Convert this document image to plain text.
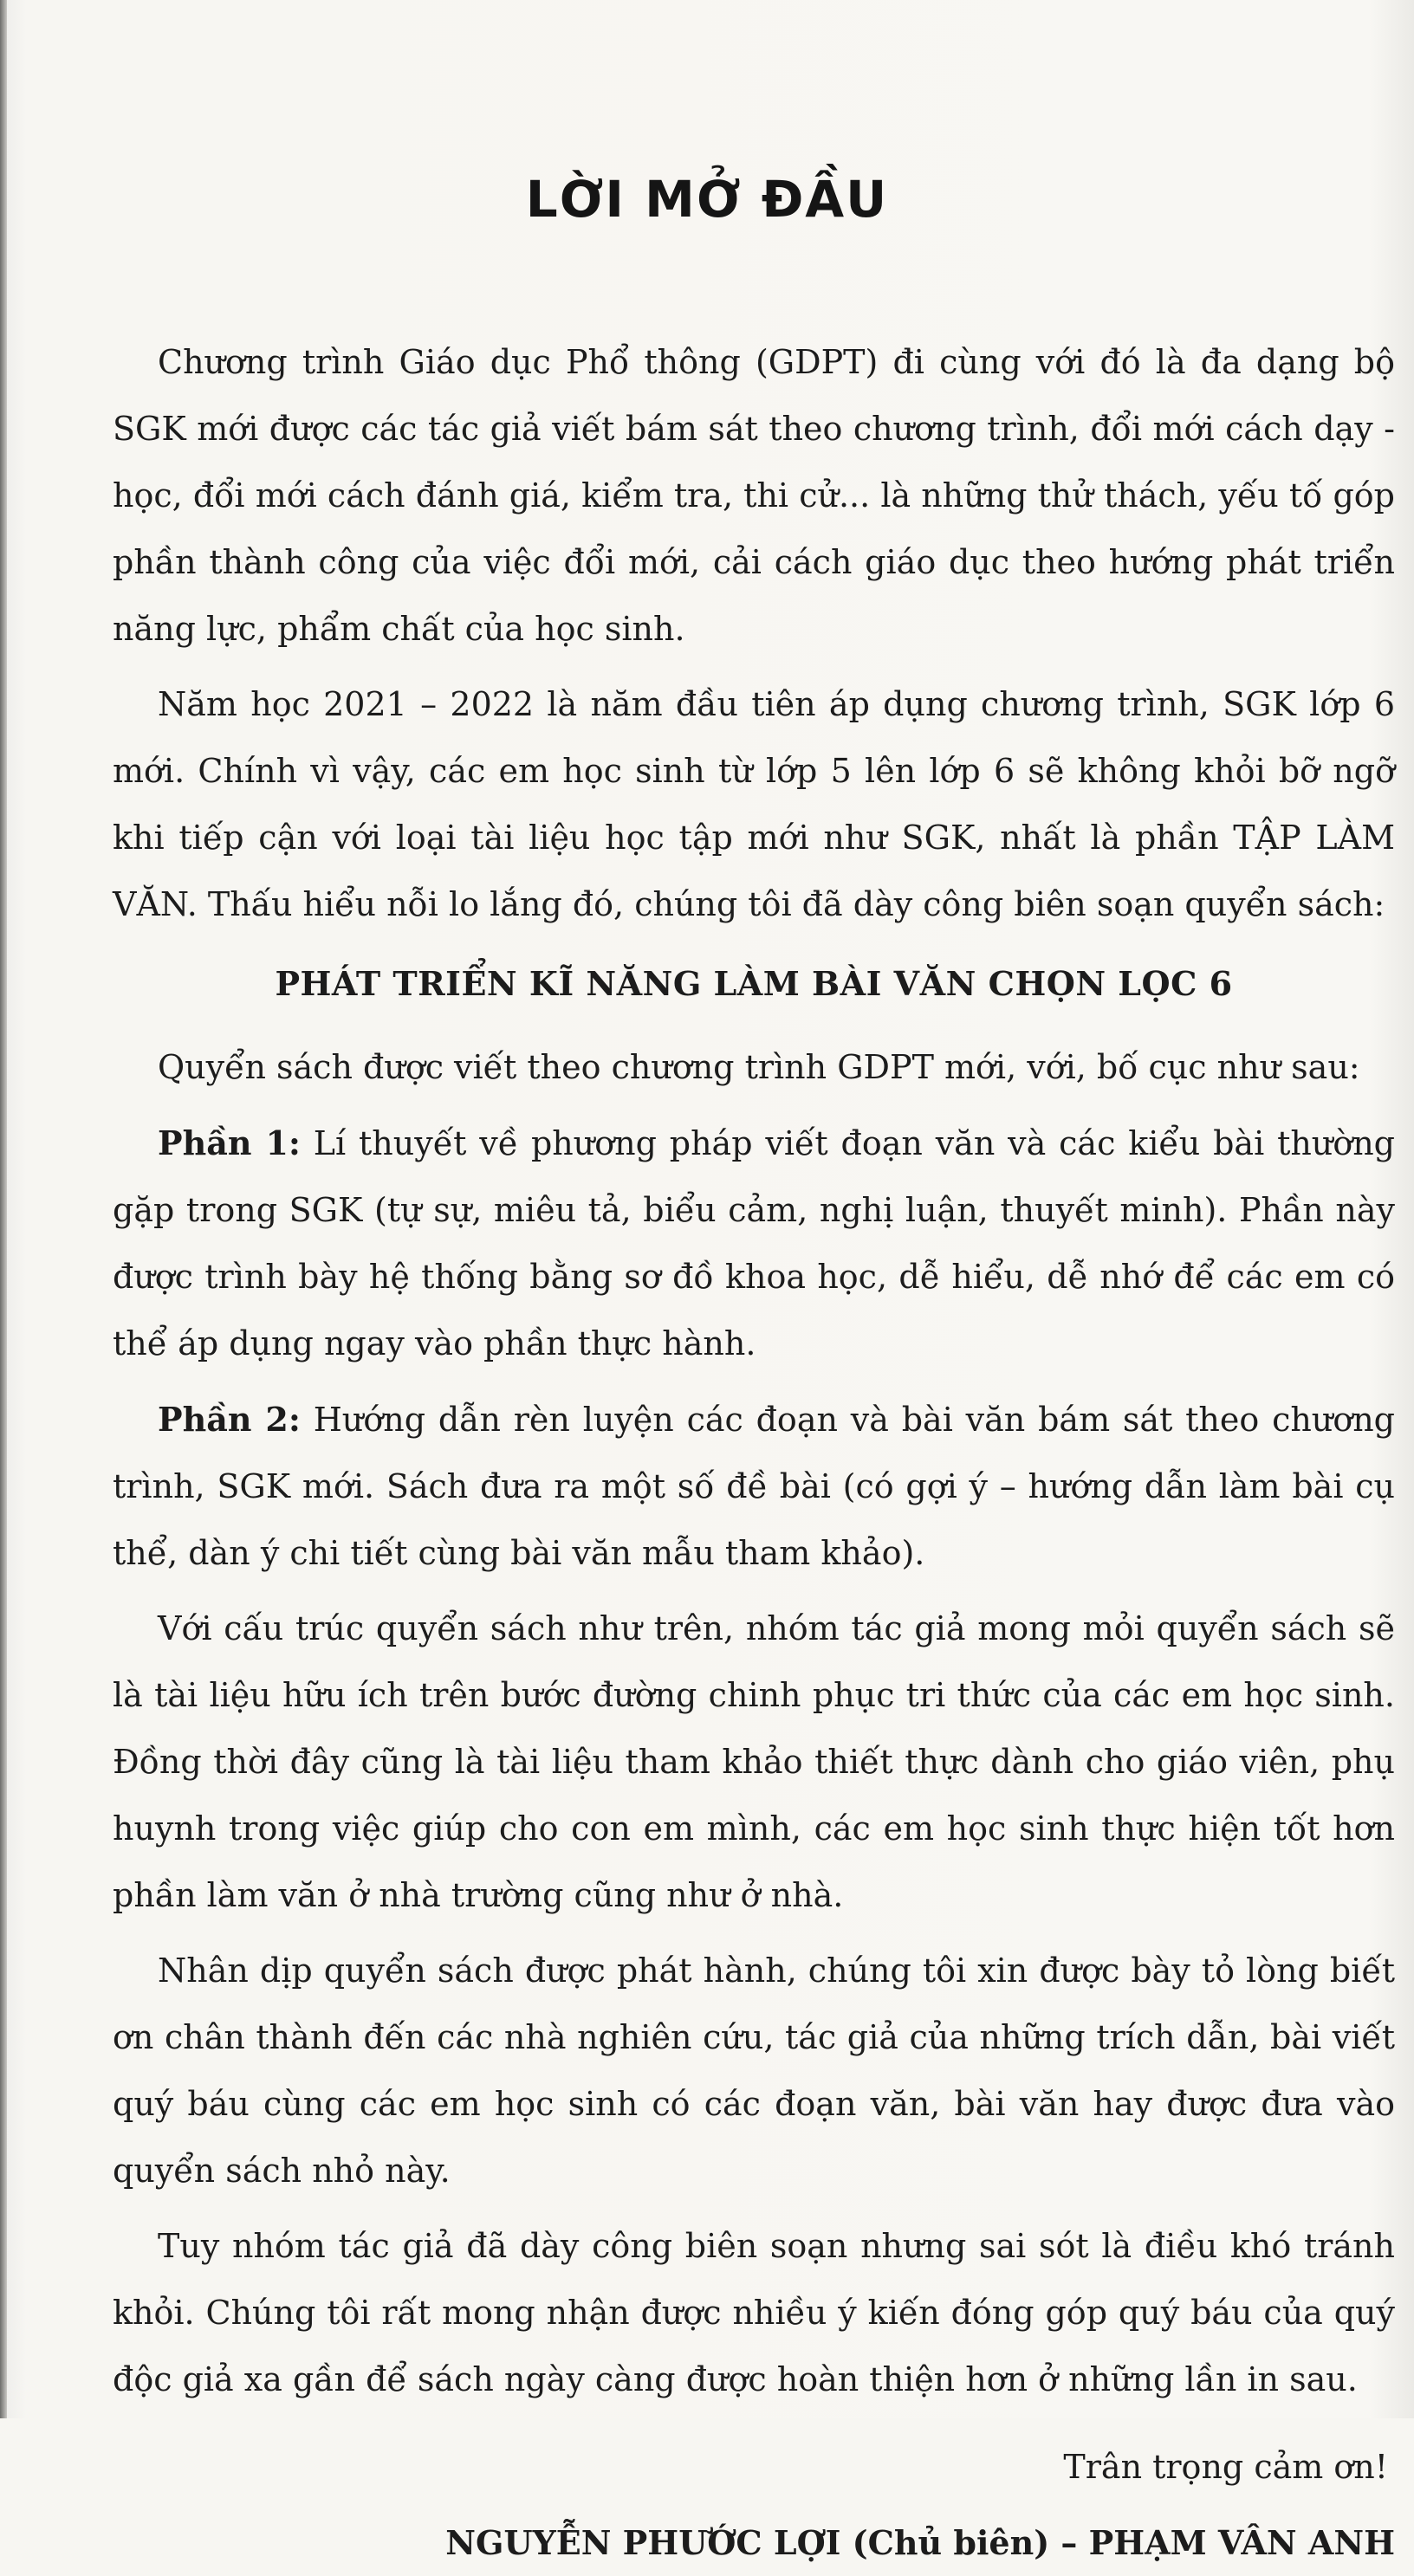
LỜI MỞ ĐẦU

Chương trình Giáo dục Phổ thông (GDPT) đi cùng với đó là đa dạng bộ SGK mới được các tác giả viết bám sát theo chương trình, đổi mới cách dạy - học, đổi mới cách đánh giá, kiểm tra, thi cử... là những thử thách, yếu tố góp phần thành công của việc đổi mới, cải cách giáo dục theo hướng phát triển năng lực, phẩm chất của học sinh.

Năm học 2021 – 2022 là năm đầu tiên áp dụng chương trình, SGK lớp 6 mới. Chính vì vậy, các em học sinh từ lớp 5 lên lớp 6 sẽ không khỏi bỡ ngỡ khi tiếp cận với loại tài liệu học tập mới như SGK, nhất là phần TẬP LÀM VĂN. Thấu hiểu nỗi lo lắng đó, chúng tôi đã dày công biên soạn quyển sách:

PHÁT TRIỂN KĨ NĂNG LÀM BÀI VĂN CHỌN LỌC 6

Quyển sách được viết theo chương trình GDPT mới, với, bố cục như sau:

Phần 1: Lí thuyết về phương pháp viết đoạn văn và các kiểu bài thường gặp trong SGK (tự sự, miêu tả, biểu cảm, nghị luận, thuyết minh). Phần này được trình bày hệ thống bằng sơ đồ khoa học, dễ hiểu, dễ nhớ để các em có thể áp dụng ngay vào phần thực hành.

Phần 2: Hướng dẫn rèn luyện các đoạn và bài văn bám sát theo chương trình, SGK mới. Sách đưa ra một số đề bài (có gợi ý – hướng dẫn làm bài cụ thể, dàn ý chi tiết cùng bài văn mẫu tham khảo).

Với cấu trúc quyển sách như trên, nhóm tác giả mong mỏi quyển sách sẽ là tài liệu hữu ích trên bước đường chinh phục tri thức của các em học sinh. Đồng thời đây cũng là tài liệu tham khảo thiết thực dành cho giáo viên, phụ huynh trong việc giúp cho con em mình, các em học sinh thực hiện tốt hơn phần làm văn ở nhà trường cũng như ở nhà.

Nhân dịp quyển sách được phát hành, chúng tôi xin được bày tỏ lòng biết ơn chân thành đến các nhà nghiên cứu, tác giả của những trích dẫn, bài viết quý báu cùng các em học sinh có các đoạn văn, bài văn hay được đưa vào quyển sách nhỏ này.

Tuy nhóm tác giả đã dày công biên soạn nhưng sai sót là điều khó tránh khỏi. Chúng tôi rất mong nhận được nhiều ý kiến đóng góp quý báu của quý độc giả xa gần để sách ngày càng được hoàn thiện hơn ở những lần in sau.

Trân trọng cảm ơn!
NGUYỄN PHƯỚC LỢI (Chủ biên) – PHẠM VÂN ANH
